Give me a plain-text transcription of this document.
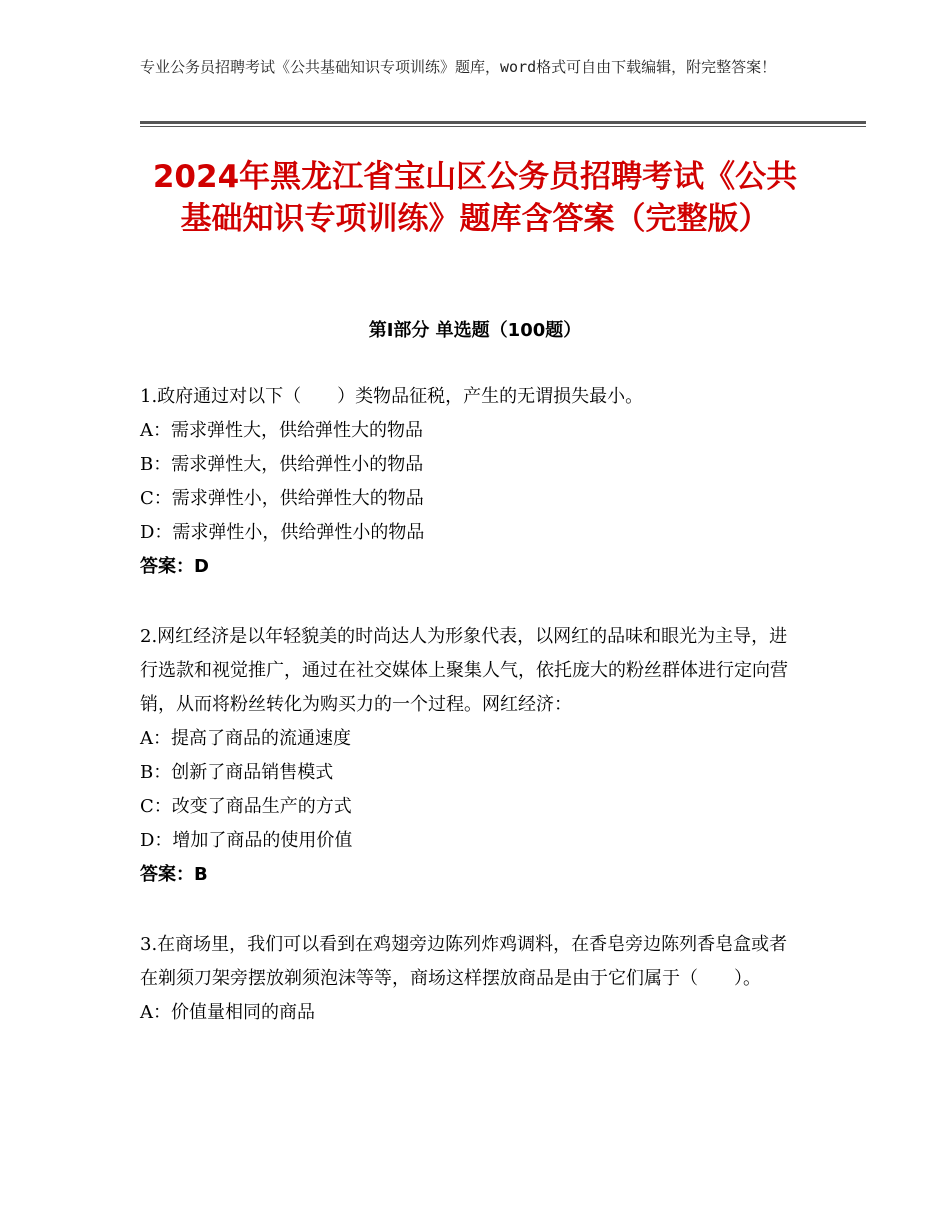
专业公务员招聘考试《公共基础知识专项训练》题库，word格式可自由下载编辑，附完整答案！
2024年黑龙江省宝山区公务员招聘考试《公共基础知识专项训练》题库含答案（完整版）
第Ⅰ部分 单选题（100题）
1.政府通过对以下（　　）类物品征税，产生的无谓损失最小。
A：需求弹性大，供给弹性大的物品
B：需求弹性大，供给弹性小的物品
C：需求弹性小，供给弹性大的物品
D：需求弹性小，供给弹性小的物品
答案：D
2.网红经济是以年轻貌美的时尚达人为形象代表，以网红的品味和眼光为主导，进行选款和视觉推广，通过在社交媒体上聚集人气，依托庞大的粉丝群体进行定向营销，从而将粉丝转化为购买力的一个过程。网红经济：
A：提高了商品的流通速度
B：创新了商品销售模式
C：改变了商品生产的方式
D：增加了商品的使用价值
答案：B
3.在商场里，我们可以看到在鸡翅旁边陈列炸鸡调料，在香皂旁边陈列香皂盒或者在剃须刀架旁摆放剃须泡沫等等，商场这样摆放商品是由于它们属于（　　）。
A：价值量相同的商品
